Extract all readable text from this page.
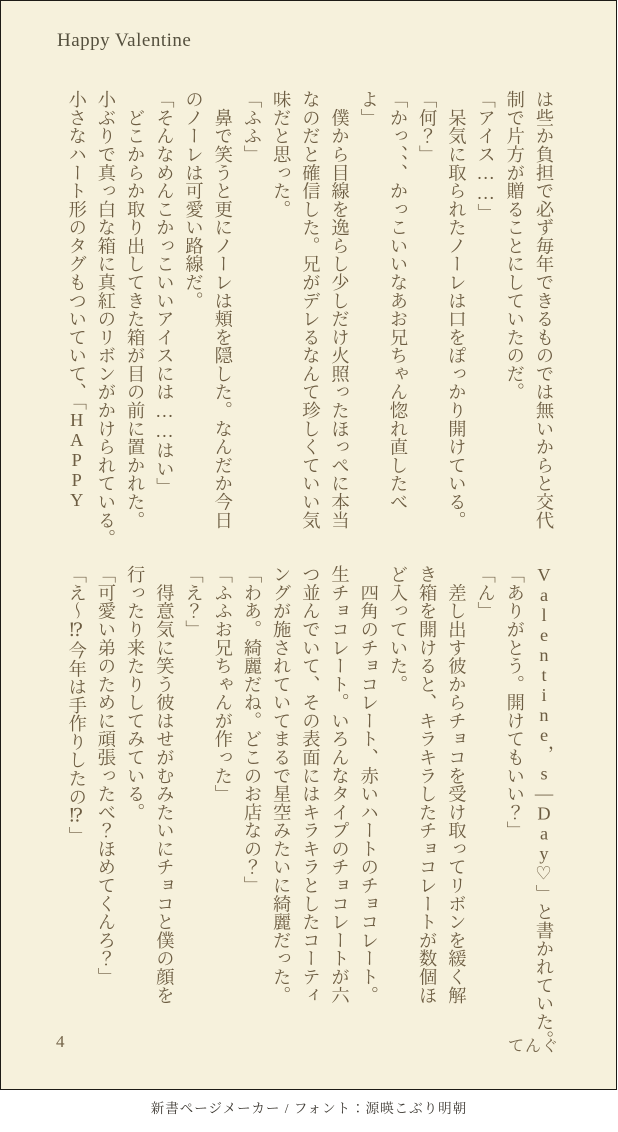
Happy Valentine

は些か負担で必ず毎年できるものでは無いからと交代

制で片方が贈ることにしていたのだ。

「アイス……」

　呆気に取られたノーレは口をぽっかり開けている。

「何？」

「かっ、、、かっこいいなあお兄ちゃん惚れ直したべ

よ」

　僕から目線を逸らし少しだけ火照ったほっぺに本当

なのだと確信した。兄がデレるなんて珍しくていい気

味だと思った。

「ふふ」

　鼻で笑うと更にノーレは頬を隠した。なんだか今日

のノーレは可愛い路線だ。

「そんなめんこかっこいいアイスには……はい」

　どこからか取り出してきた箱が目の前に置かれた。

小ぶりで真っ白な箱に真紅のリボンがかけられている。

小さなハート形のタグもついていて、「HAPPY

Valentine，s―Day♡」と書かれていた。

「ありがとう。開けてもいい？」

「ん」

　差し出す彼からチョコを受け取ってリボンを緩く解

き箱を開けると、キラキラしたチョコレートが数個ほ

ど入っていた。

　四角のチョコレート、赤いハートのチョコレート。

生チョコレート。いろんなタイプのチョコレートが六

つ並んでいて、その表面にはキラキラとしたコーティ

ングが施されていてまるで星空みたいに綺麗だった。

「わあ。綺麗だね。どこのお店なの？」

「ふふお兄ちゃんが作った」

「え？」

　得意気に笑う彼はせがむみたいにチョコと僕の顔を

行ったり来たりしてみている。

「可愛い弟のために頑張ったべ？ほめてくんろ？」

「え〜⁉今年は手作りしたの⁉」

4	てんぐ
新書ページメーカー / フォント：源暎こぶり明朝
